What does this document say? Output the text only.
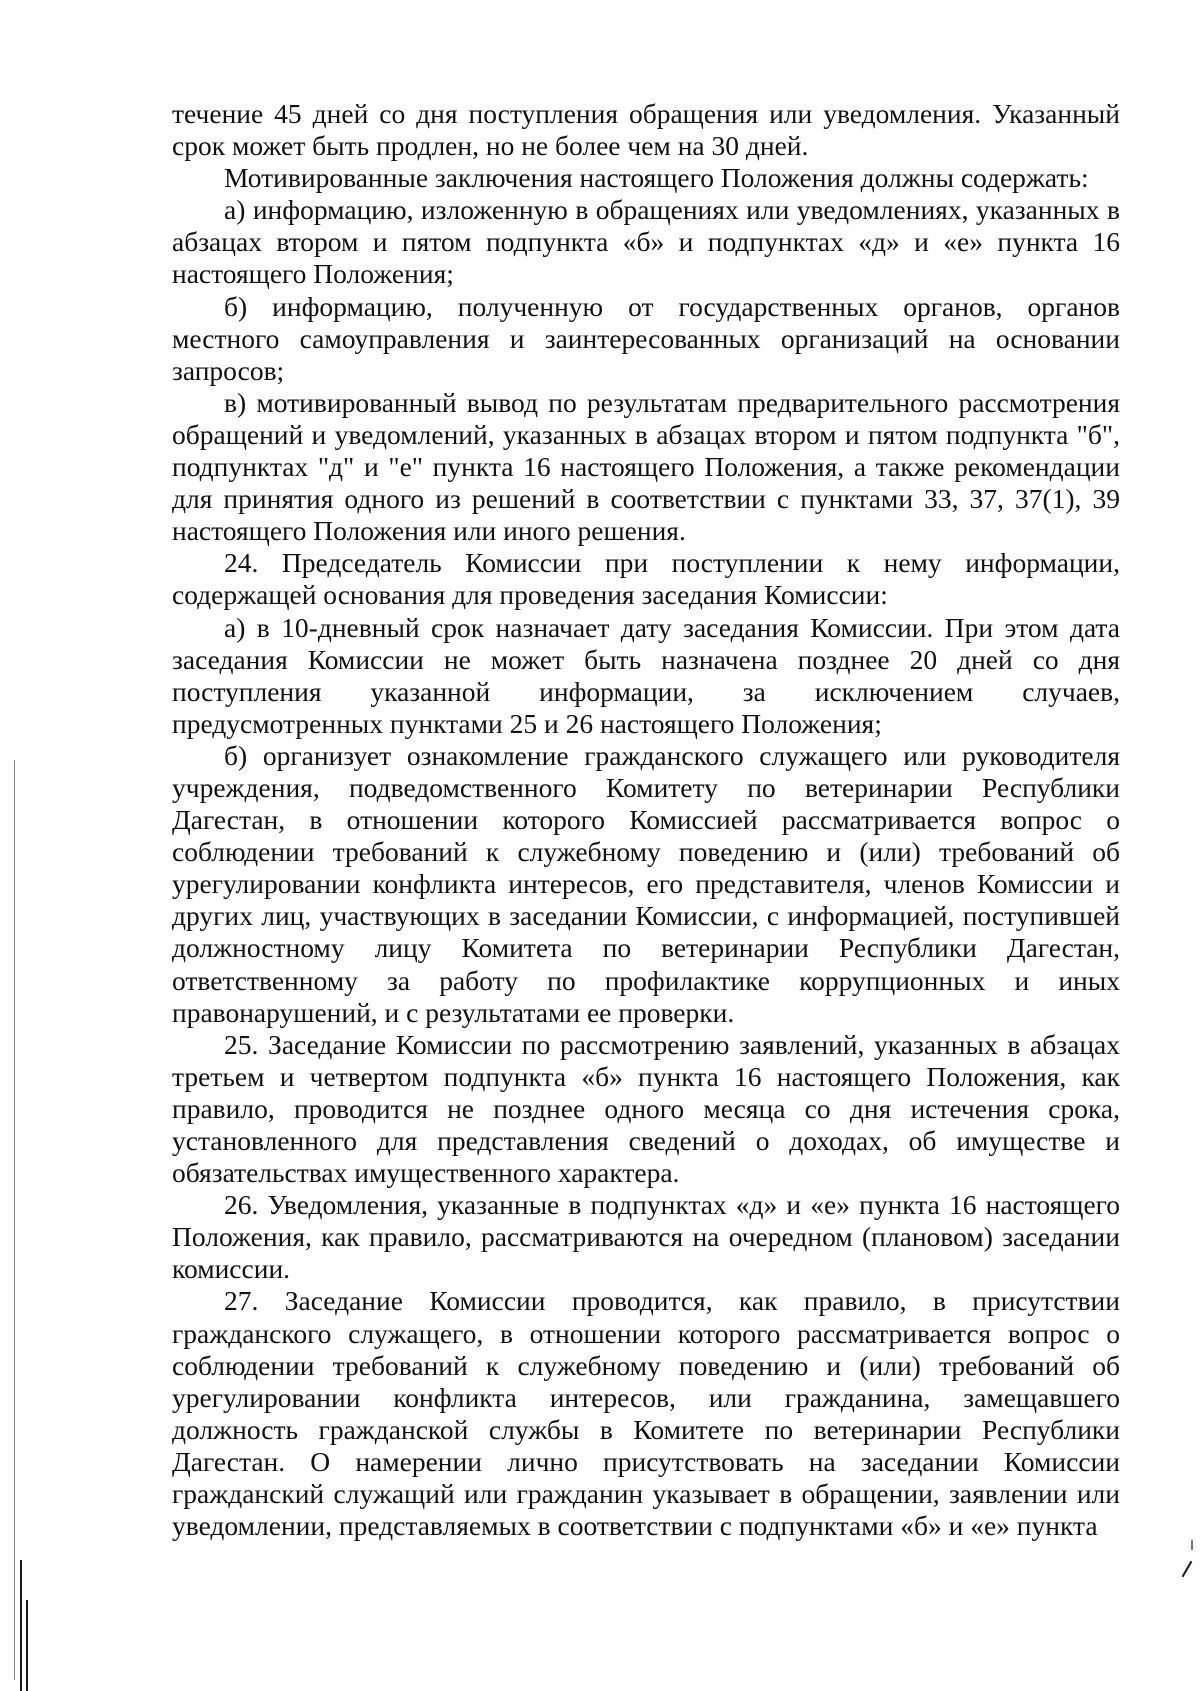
течение 45 дней со дня поступления обращения или уведомления. Указанный срок может быть продлен, но не более чем на 30 дней.

Мотивированные заключения настоящего Положения должны содержать:

а) информацию, изложенную в обращениях или уведомлениях, указанных в абзацах втором и пятом подпункта «б» и подпунктах «д» и «е» пункта 16 настоящего Положения;

б) информацию, полученную от государственных органов, органов местного самоуправления и заинтересованных организаций на основании запросов;

в) мотивированный вывод по результатам предварительного рассмотрения обращений и уведомлений, указанных в абзацах втором и пятом подпункта "б", подпунктах "д" и "е" пункта 16 настоящего Положения, а также рекомендации для принятия одного из решений в соответствии с пунктами 33, 37, 37(1), 39 настоящего Положения или иного решения.

24. Председатель Комиссии при поступлении к нему информации, содержащей основания для проведения заседания Комиссии:

а) в 10-дневный срок назначает дату заседания Комиссии. При этом дата заседания Комиссии не может быть назначена позднее 20 дней со дня поступления указанной информации, за исключением случаев, предусмотренных пунктами 25 и 26 настоящего Положения;

б) организует ознакомление гражданского служащего или руководителя учреждения, подведомственного Комитету по ветеринарии Республики Дагестан, в отношении которого Комиссией рассматривается вопрос о соблюдении требований к служебному поведению и (или) требований об урегулировании конфликта интересов, его представителя, членов Комиссии и других лиц, участвующих в заседании Комиссии, с информацией, поступившей должностному лицу Комитета по ветеринарии Республики Дагестан, ответственному за работу по профилактике коррупционных и иных правонарушений, и с результатами ее проверки.

25. Заседание Комиссии по рассмотрению заявлений, указанных в абзацах третьем и четвертом подпункта «б» пункта 16 настоящего Положения, как правило, проводится не позднее одного месяца со дня истечения срока, установленного для представления сведений о доходах, об имуществе и обязательствах имущественного характера.

26. Уведомления, указанные в подпунктах «д» и «е» пункта 16 настоящего Положения, как правило, рассматриваются на очередном (плановом) заседании комиссии.

27. Заседание Комиссии проводится, как правило, в присутствии гражданского служащего, в отношении которого рассматривается вопрос о соблюдении требований к служебному поведению и (или) требований об урегулировании конфликта интересов, или гражданина, замещавшего должность гражданской службы в Комитете по ветеринарии Республики Дагестан. О намерении лично присутствовать на заседании Комиссии гражданский служащий или гражданин указывает в обращении, заявлении или уведомлении, представляемых в соответствии с подпунктами «б» и «е» пункта
